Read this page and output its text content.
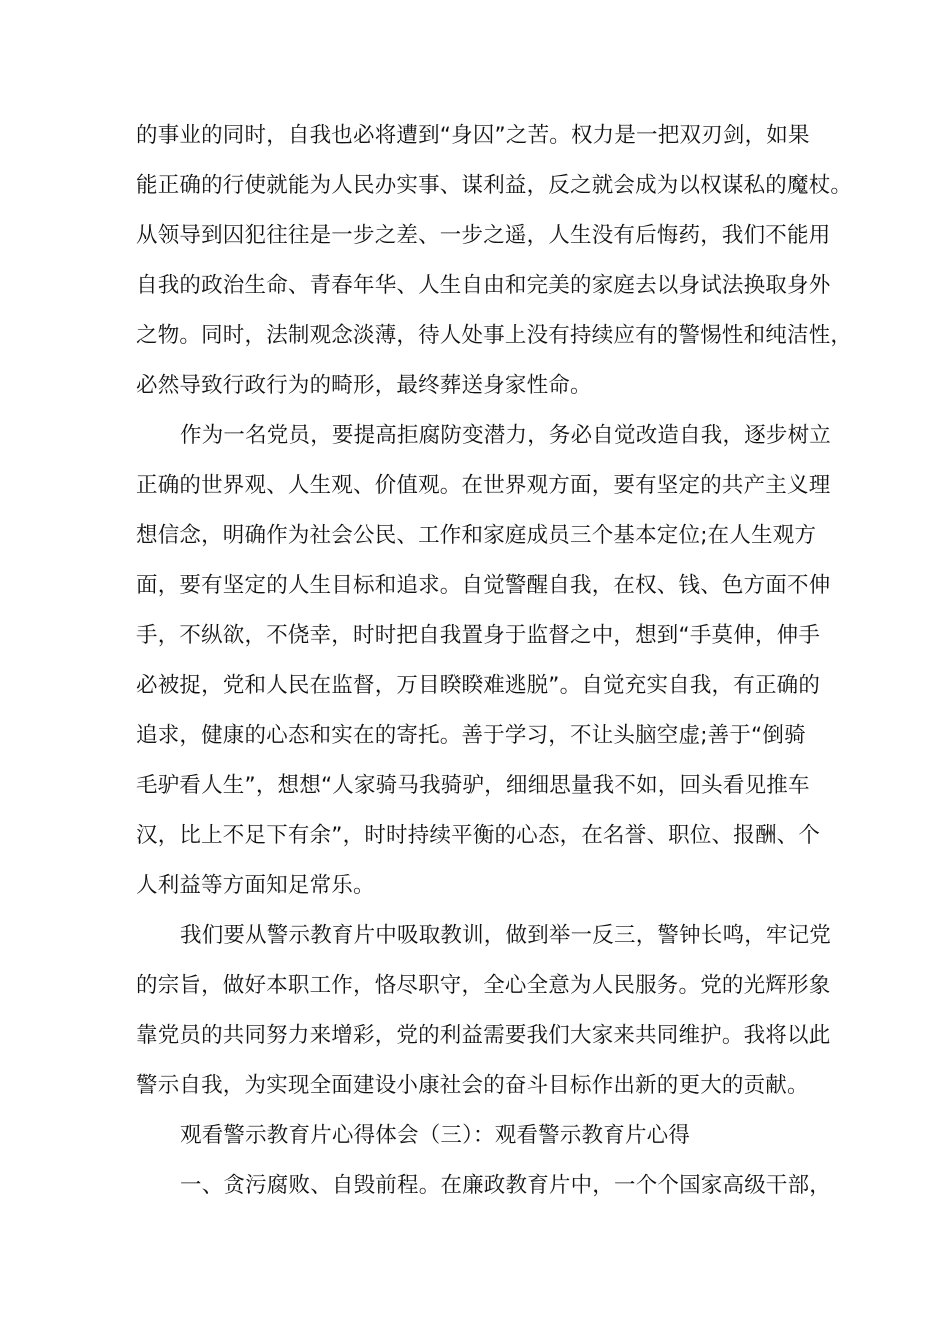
的事业的同时，自我也必将遭到“身囚”之苦。权力是一把双刃剑，如果
能正确的行使就能为人民办实事、谋利益，反之就会成为以权谋私的魔杖。
从领导到囚犯往往是一步之差、一步之遥，人生没有后悔药，我们不能用
自我的政治生命、青春年华、人生自由和完美的家庭去以身试法换取身外
之物。同时，法制观念淡薄，待人处事上没有持续应有的警惕性和纯洁性，
必然导致行政行为的畸形，最终葬送身家性命。
作为一名党员，要提高拒腐防变潜力，务必自觉改造自我，逐步树立
正确的世界观、人生观、价值观。在世界观方面，要有坚定的共产主义理
想信念，明确作为社会公民、工作和家庭成员三个基本定位;在人生观方
面，要有坚定的人生目标和追求。自觉警醒自我，在权、钱、色方面不伸
手，不纵欲，不侥幸，时时把自我置身于监督之中，想到“手莫伸，伸手
必被捉，党和人民在监督，万目睽睽难逃脱”。自觉充实自我，有正确的
追求，健康的心态和实在的寄托。善于学习，不让头脑空虚;善于“倒骑
毛驴看人生”，想想“人家骑马我骑驴，细细思量我不如，回头看见推车
汉，比上不足下有余”，时时持续平衡的心态，在名誉、职位、报酬、个
人利益等方面知足常乐。
我们要从警示教育片中吸取教训，做到举一反三，警钟长鸣，牢记党
的宗旨，做好本职工作，恪尽职守，全心全意为人民服务。党的光辉形象
靠党员的共同努力来增彩，党的利益需要我们大家来共同维护。我将以此
警示自我，为实现全面建设小康社会的奋斗目标作出新的更大的贡献。
观看警示教育片心得体会（三）：观看警示教育片心得
一、贪污腐败、自毁前程。在廉政教育片中，一个个国家高级干部，
